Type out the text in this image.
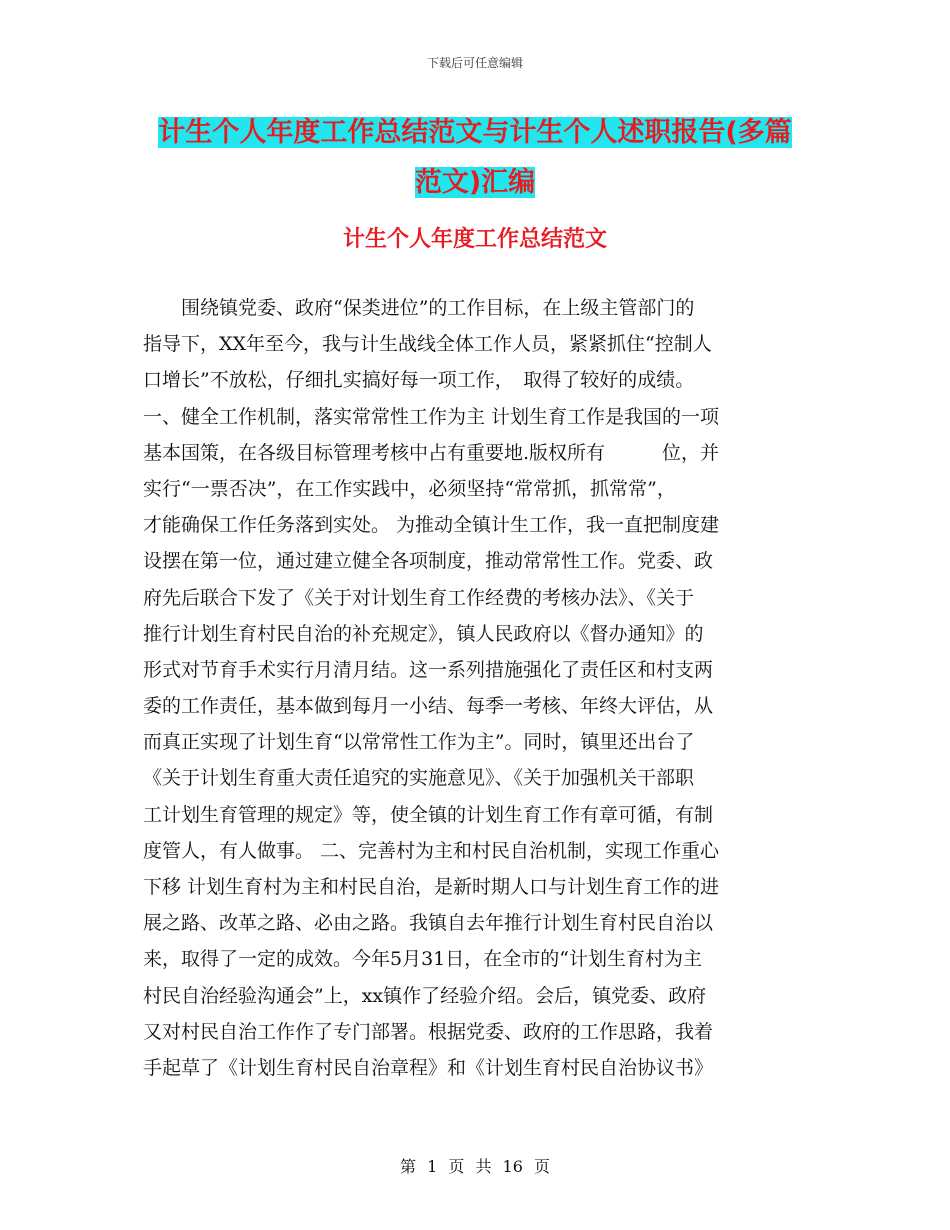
下载后可任意编辑
计生个人年度工作总结范文与计生个人述职报告(多篇
范文)汇编
计生个人年度工作总结范文
　　围绕镇党委、政府“保类进位”的工作目标，在上级主管部门的
指导下，XX年至今，我与计生战线全体工作人员，紧紧抓住“控制人
口增长”不放松，仔细扎实搞好每一项工作，　取得了较好的成绩。
一、健全工作机制，落实常常性工作为主 计划生育工作是我国的一项
基本国策，在各级目标管理考核中占有重要地.版权所有　　　位，并
实行“一票否决”，在工作实践中，必须坚持“常常抓，抓常常”，
才能确保工作任务落到实处。 为推动全镇计生工作，我一直把制度建
设摆在第一位，通过建立健全各项制度，推动常常性工作。党委、政
府先后联合下发了《关于对计划生育工作经费的考核办法》、《关于
推行计划生育村民自治的补充规定》，镇人民政府以《督办通知》的
形式对节育手术实行月清月结。这一系列措施强化了责任区和村支两
委的工作责任，基本做到每月一小结、每季一考核、年终大评估，从
而真正实现了计划生育“以常常性工作为主”。同时，镇里还出台了
《关于计划生育重大责任追究的实施意见》、《关于加强机关干部职
工计划生育管理的规定》等，使全镇的计划生育工作有章可循，有制
度管人，有人做事。 二、完善村为主和村民自治机制，实现工作重心
下移 计划生育村为主和村民自治，是新时期人口与计划生育工作的进
展之路、改革之路、必由之路。我镇自去年推行计划生育村民自治以
来，取得了一定的成效。今年5月31日，在全市的“计划生育村为主
村民自治经验沟通会”上，xx镇作了经验介绍。会后，镇党委、政府
又对村民自治工作作了专门部署。根据党委、政府的工作思路，我着
手起草了《计划生育村民自治章程》和《计划生育村民自治协议书》
第 1 页 共 16 页
